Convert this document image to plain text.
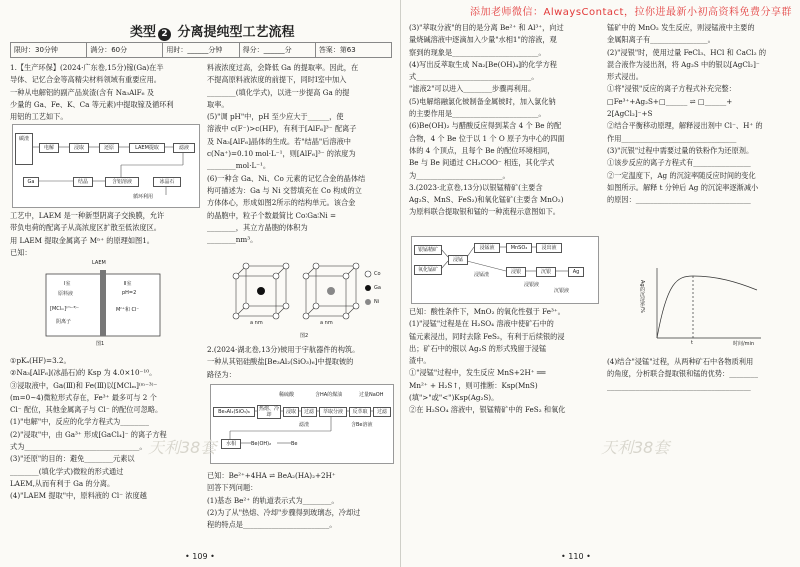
类型 2 分离提纯型工艺流程
限时：30分钟	满分：60分	用时：______分钟	得分：______分	答案：第63

1.【生产环保】(2024·广东卷,15分)镓(Ga)在半

导体、记忆合金等高精尖材料领域有重要应用。

一种从电解铝的副产品炭渣(含有 Na₃AlF₆ 及

少量的 Ga、Fe、K、Ca 等元素)中提取镓及循环利

用铝的工艺如下。

碳渣
电解	浸取	还原	LAEM提取	滤液
结晶
Ga	含铝溶液	冰晶石
循环利用

工艺中，LAEM 是一种新型阴离子交换膜，允许

带负电荷的配离子从高浓度区扩散至低浓度区。

用 LAEM 提取金属离子 Mⁿ⁺ 的原理如图1。

已知：

LAEM
Ⅰ室
原料液
[MClₘ]⁽ᵐ⁻³⁾⁻
阴离子
Ⅱ室
pH=2
Mⁿ⁺和 Cl⁻
图1

①pKₐ(HF)=3.2。

②Na₃[AlF₆](冰晶石)的 Ksp 为 4.0×10⁻¹⁰。

③浸取液中，Ga(Ⅲ)和 Fe(Ⅲ)以[MClₘ]⁽ᵐ⁻³⁾⁻

(m=0~4)微粒形式存在，Fe³⁺ 最多可与 2 个

Cl⁻ 配位，其他金属离子与 Cl⁻ 的配位可忽略。

(1)"电解"中，反应的化学方程式为________

(2)"浸取"中，由 Ga³⁺ 形成[GaCl₄]⁻ 的离子方程

式为________________________________。

(3)"还原"的目的：避免________元素以

________(填化学式)微粒的形式通过

LAEM,从而有利于 Ga 的分离。

(4)"LAEM 提取"中，原料液的 Cl⁻ 浓度越

料液浓度过高，会降低 Ga 的提取率。因此，在

不提高原料液浓度的前提下，同时Ⅰ室中加入

________(填化学式)，以进一步提高 Ga 的提

取率。

(5)"调 pH"中，pH 至少应大于______，使

溶液中 c(F⁻)>c(HF)，有利于[AlF₆]³⁻ 配离子

及 Na₃[AlF₆]晶体的生成。若"结晶"后溶液中

c(Na⁺)=0.10 mol·L⁻¹，则[AlF₆]³⁻ 的浓度为

________mol·L⁻¹。

(6)一种含 Ga、Ni、Co 元素的记忆合金的晶体结

构可描述为：Ga 与 Ni 交替填充在 Co 构成的立

方体体心，形成如图2所示的结构单元。该合金

的晶胞中，粒子个数最简比 Co∶Ga∶Ni =

________，其立方晶胞的体积为

________nm³。

Co
Ga
Ni
a nm	a nm
图2

2.(2024·湖北卷,13分)铍用于宇航器件的构筑。

一种从其铝硅酸盐[Be₃Al₂(SiO₃)₆]中提取铍的

路径为：

Be₃Al₂(SiO₃)₆	热熔、冷却	浸取	过滤	萃取分液	反萃取	过滤
水相
滤渣	含Be溶液
稀硫酸	含HA的煤油	过量NaOH
Be(OH)₂	Be

已知：Be²⁺+4HA ⇌ BeA₂(HA)₂+2H⁺

回答下列问题：

(1)基态 Be²⁺ 的轨道表示式为________。

(2)为了从"热熔、冷却"步骤得到玻璃态，冷却过

程的特点是________________________。

天利38套
• 109 •

(3)"萃取分液"的目的是分离 Be²⁺ 和 Al³⁺，向过

量烧碱溶液中逐滴加入少量"水相1"的溶液，观

察到的现象是________________________。

(4)写出反萃取生成 Na₂[Be(OH)₄]的化学方程

式________________________________。

"滤液2"可以进入________步骤再利用。

(5)电解熔融氯化铍制备金属铍时，加入氯化钠

的主要作用是________________________。

(6)Be(OH)₂ 与醋酸反应得到某含 4 个 Be 的配

合物，4 个 Be 位于以 1 个 O 原子为中心的四面

体的 4 个顶点，且每个 Be 的配位环境相同，

Be 与 Be 间通过 CH₃COO⁻ 相连，其化学式

为________________________。

3.(2023·北京卷,13分)以银锰精矿(主要含

Ag₂S、MnS、FeS₂)和氧化锰矿(主要含 MnO₂)

为原料联合提取银和锰的一种流程示意图如下。

银锰精矿
氧化锰矿
浸锰
浸锰液	MnSO₄	浸出液
浸银	沉银	Ag
浸银液
浸锰渣
沉银液

已知：酸性条件下，MnO₂ 的氧化性强于 Fe³⁺。

(1)"浸锰"过程是在 H₂SO₄ 溶液中使矿石中的

锰元素浸出，同时去除 FeS₂，有利于后续银的浸

出；矿石中的银以 Ag₂S 的形式残留于浸锰

渣中。

①"浸锰"过程中，发生反应 MnS+2H⁺ ══

Mn²⁺ + H₂S↑，则可推断：Ksp(MnS)

(填">"或"<")Ksp(Ag₂S)。

②在 H₂SO₄ 溶液中，银锰精矿中的 FeS₂ 和氧化

锰矿中的 MnO₂ 发生反应，则浸锰液中主要的

金属阳离子有________________。

(2)"浸银"时，使用过量 FeCl₃、HCl 和 CaCl₂ 的

混合液作为浸出剂，将 Ag₂S 中的银以[AgCl₂]⁻

形式浸出。

①将"浸银"反应的离子方程式补充完整：

□Fe³⁺+Ag₂S+□______ ⇌ □______+

2[AgCl₂]⁻+S

②结合平衡移动原理，解释浸出剂中 Cl⁻、H⁺ 的

作用________________________________

(3)"沉银"过程中需要过量的铁粉作为还原剂。

①该步反应的离子方程式有________________

②一定温度下，Ag 的沉淀率随反应时间的变化

如图所示。解释 t 分钟后 Ag 的沉淀率逐渐减小

的原因：________________________________

Ag的沉淀率/%
t	时间/min

(4)结合"浸锰"过程，从两种矿石中各物质利用

的角度，分析联合提取银和锰的优势：________

________________________________________

天利38套
• 110 •
添加老师微信：AlwaysContact，拉你进最新小初高资料免费分享群
